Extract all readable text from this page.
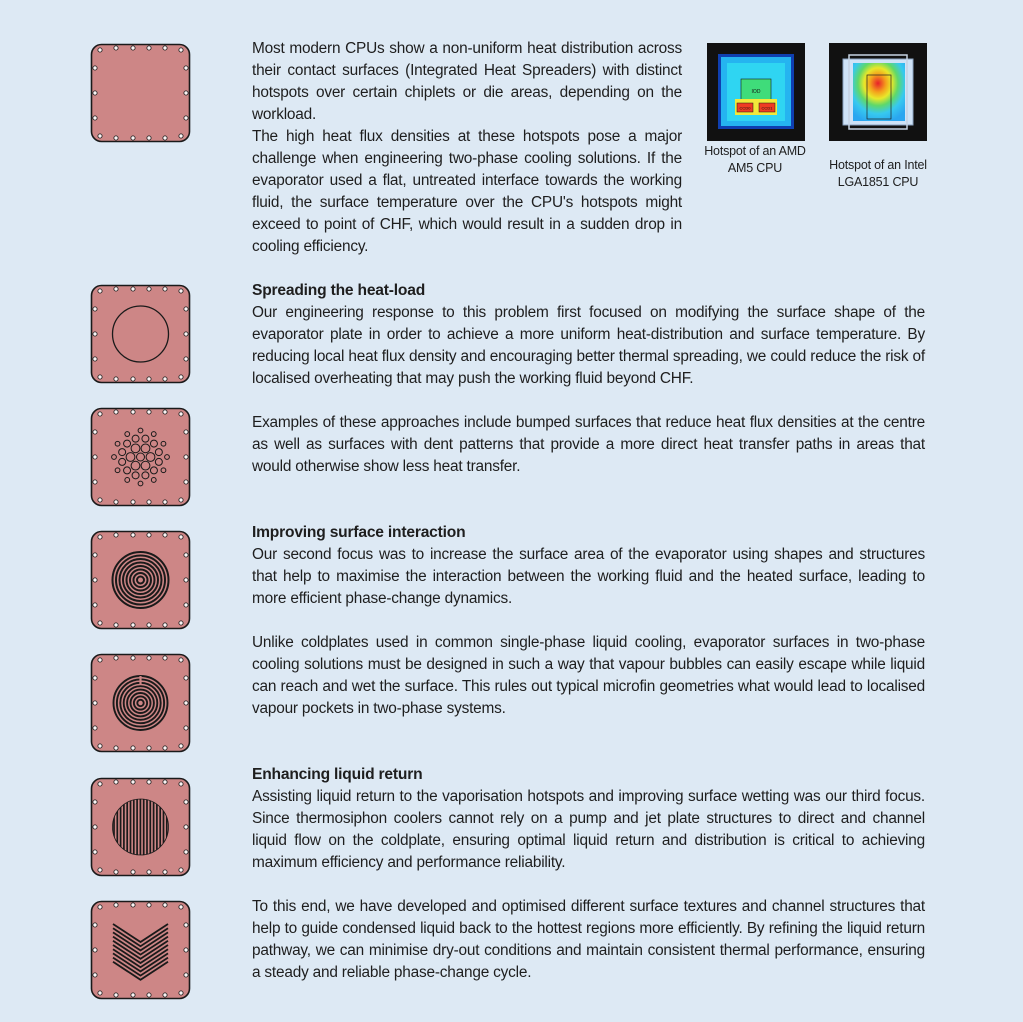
Most modern CPUs show a non-uniform heat distribution across their contact surfaces (Integrated Heat Spreaders) with distinct hotspots over certain chiplets or die areas, depending on the workload.

The high heat flux densities at these hotspots pose a major challenge when engineering two-phase cooling solutions. If the evaporator used a flat, untreated interface towards the working fluid, the surface temperature over the CPU's hotspots might exceed to point of CHF, which would result in a sudden drop in cooling efficiency.

IOD
CCD0	CCD1
Hotspot of an AMD AM5 CPU	Hotspot of an Intel LGA1851 CPU
Spreading the heat-load

Our engineering response to this problem first focused on modifying the surface shape of the evaporator plate in order to achieve a more uniform heat-distribution and surface temperature. By reducing local heat flux density and encouraging better thermal spreading, we could reduce the risk of localised overheating that may push the working fluid beyond CHF.

Examples of these approaches include bumped surfaces that reduce heat flux densities at the centre as well as surfaces with dent patterns that provide a more direct heat transfer paths in areas that would otherwise show less heat transfer.

Improving surface interaction

Our second focus was to increase the surface area of the evaporator using shapes and structures that help to maximise the interaction between the working fluid and the heated surface, leading to more efficient phase-change dynamics.

Unlike coldplates used in common single-phase liquid cooling, evaporator surfaces in two-phase cooling solutions must be designed in such a way that vapour bubbles can easily escape while liquid can reach and wet the surface. This rules out typical microfin geometries what would lead to localised vapour pockets in two-phase systems.

Enhancing liquid return

Assisting liquid return to the vaporisation hotspots and improving surface wetting was our third focus. Since thermosiphon coolers cannot rely on a pump and jet plate structures to direct and channel liquid flow on the coldplate, ensuring optimal liquid return and distribution is critical to achieving maximum efficiency and performance reliability.

To this end, we have developed and optimised different surface textures and channel structures that help to guide condensed liquid back to the hottest regions more efficiently. By refining the liquid return pathway, we can minimise dry-out conditions and maintain consistent thermal performance, ensuring a steady and reliable phase-change cycle.
